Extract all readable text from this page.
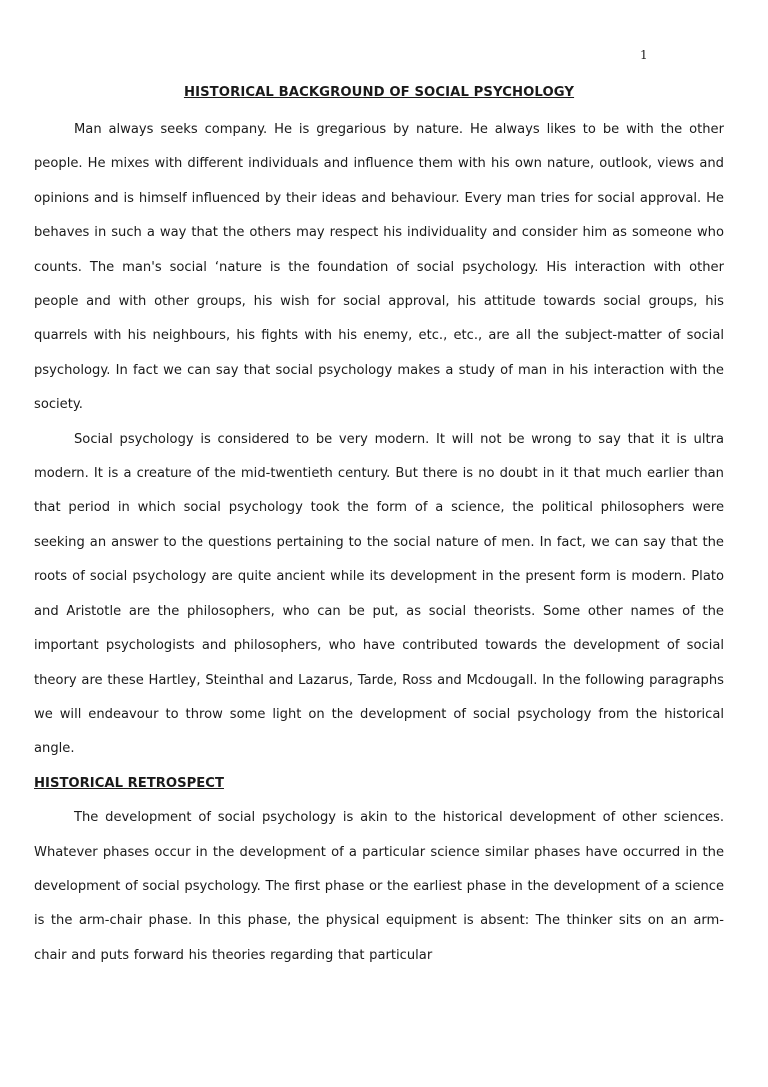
1
HISTORICAL BACKGROUND OF SOCIAL PSYCHOLOGY

Man always seeks company. He is gregarious by nature. He always likes to be with the other people. He mixes with different individuals and influence them with his own nature, outlook, views and opinions and is himself influenced by their ideas and behaviour. Every man tries for social approval. He behaves in such a way that the others may respect his individuality and consider him as someone who counts. The man's social ‘nature is the foundation of social psychology. His interaction with other people and with other groups, his wish for social approval, his attitude towards social groups, his quarrels with his neighbours, his fights with his enemy, etc., etc., are all the subject-matter of social psychology. In fact we can say that social psychology makes a study of man in his interaction with the society.

Social psychology is considered to be very modern. It will not be wrong to say that it is ultra modern. It is a creature of the mid-twentieth century. But there is no doubt in it that much earlier than that period in which social psychology took the form of a science, the political philosophers were seeking an answer to the questions pertaining to the social nature of men. In fact, we can say that the roots of social psychology are quite ancient while its development in the present form is modern. Plato and Aristotle are the philosophers, who can be put, as social theorists. Some other names of the important psychologists and philosophers, who have contributed towards the development of social theory are these Hartley, Steinthal and Lazarus, Tarde, Ross and Mcdougall. In the following paragraphs we will endeavour to throw some light on the development of social psychology from the historical angle.

HISTORICAL RETROSPECT

The development of social psychology is akin to the historical development of other sciences. Whatever phases occur in the development of a particular science similar phases have occurred in the development of social psychology. The first phase or the earliest phase in the development of a science is the arm-chair phase. In this phase, the physical equipment is absent: The thinker sits on an arm-chair and puts forward his theories regarding that particular
